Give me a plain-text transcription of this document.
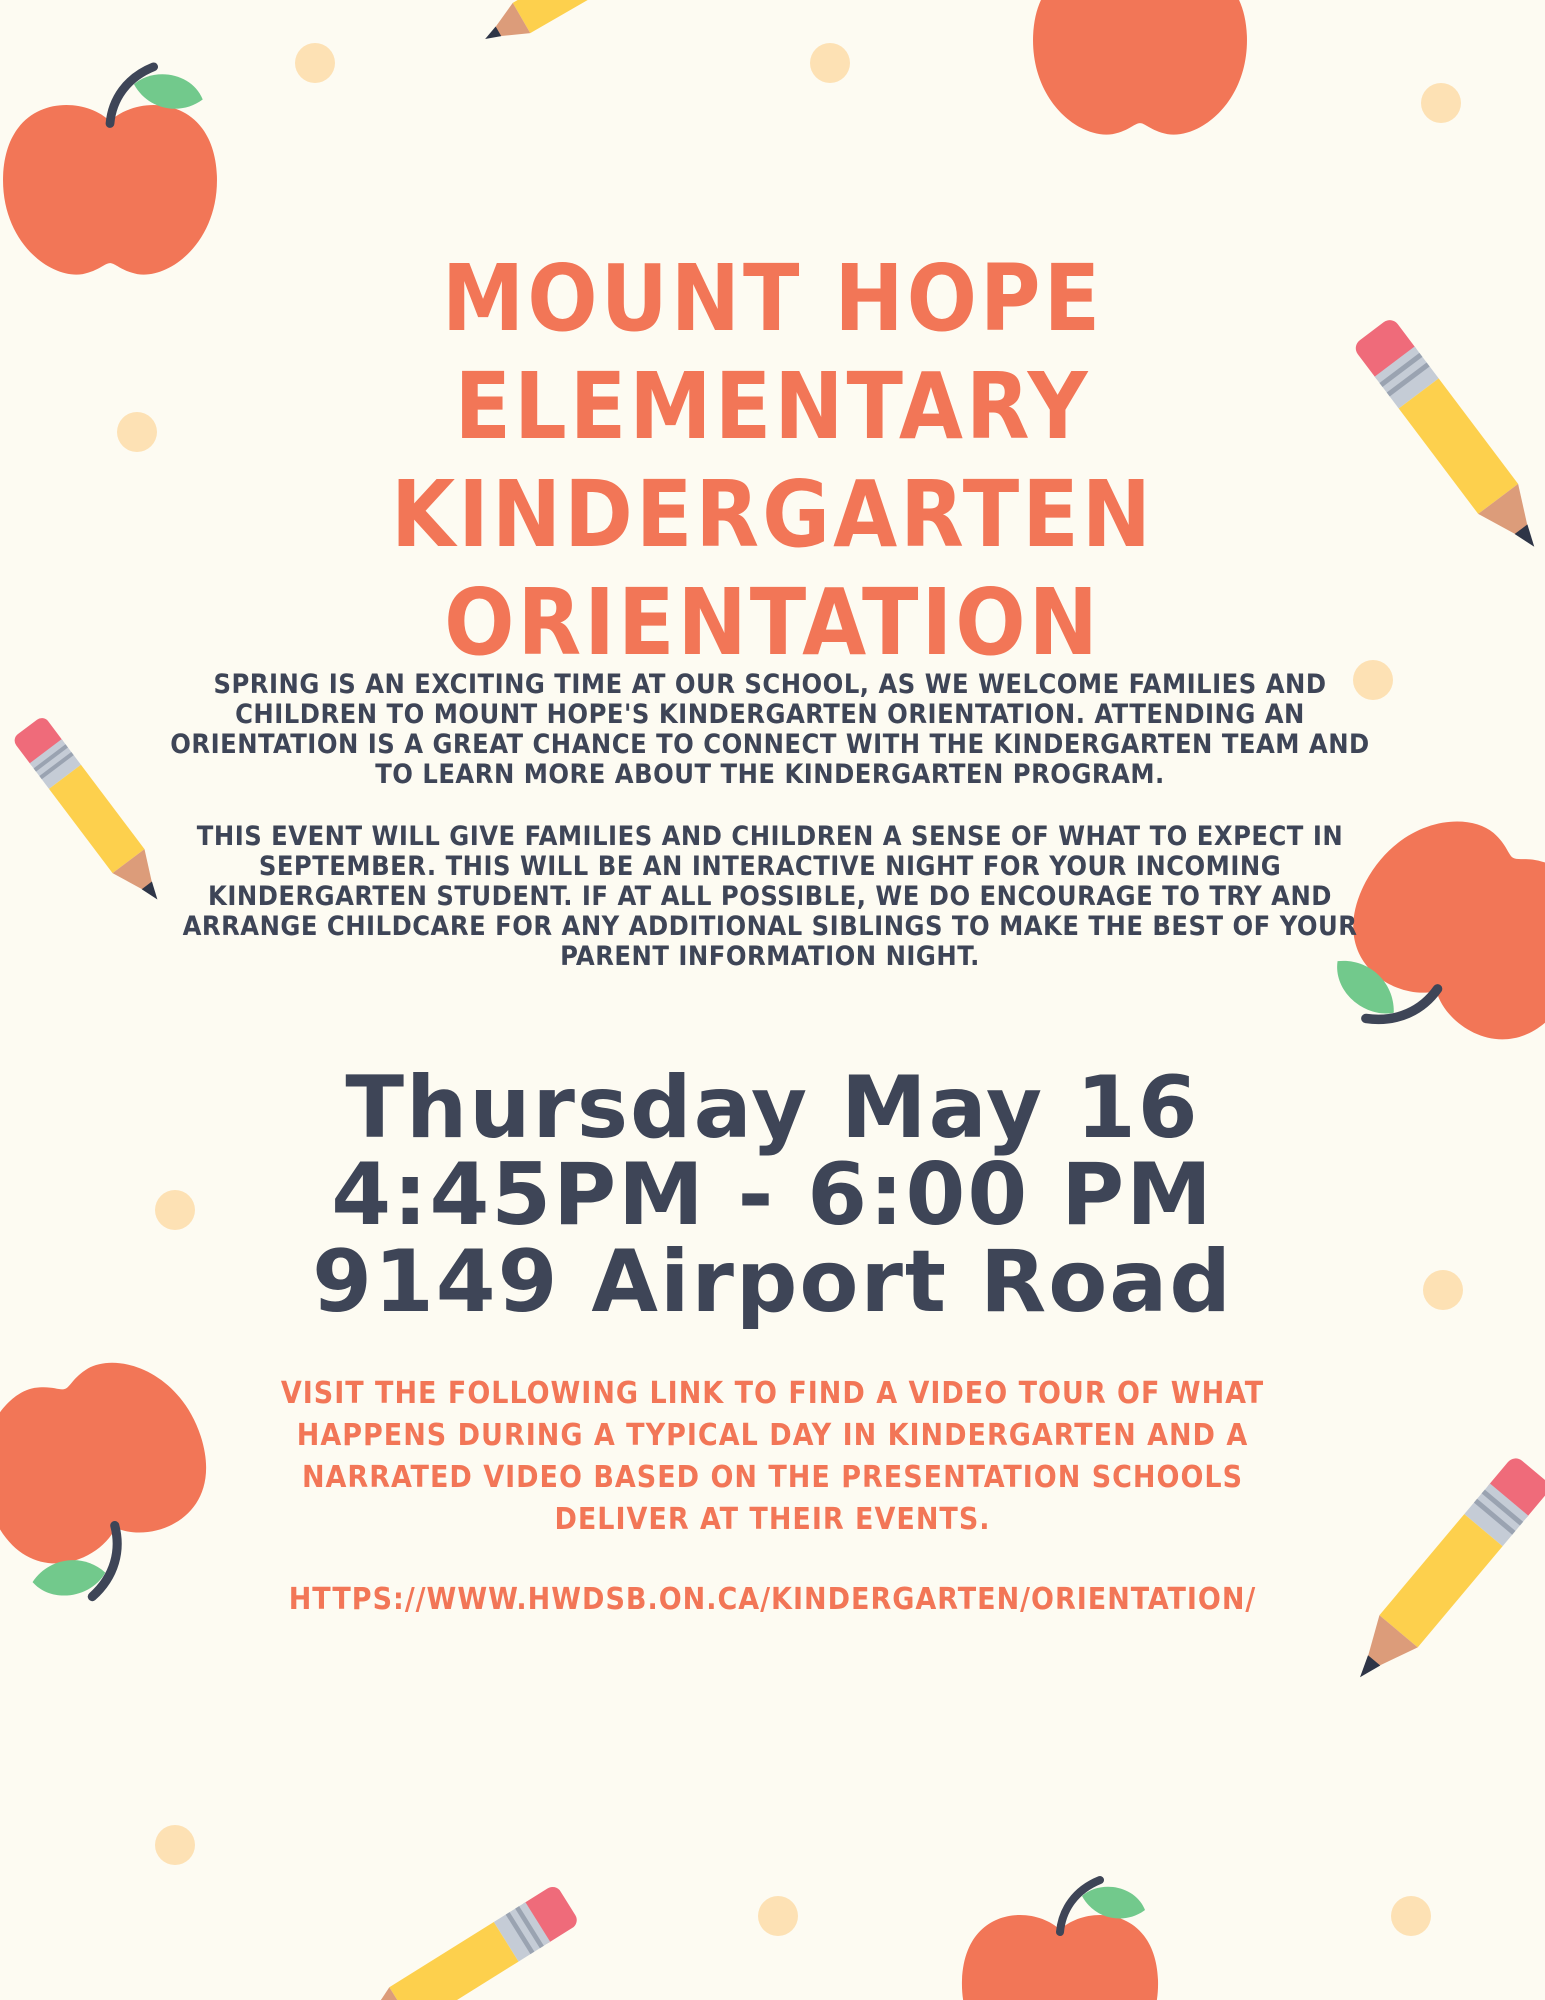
MOUNT HOPE ELEMENTARY KINDERGARTEN ORIENTATION

SPRING IS AN EXCITING TIME AT OUR SCHOOL, AS WE WELCOME FAMILIES AND CHILDREN TO MOUNT HOPE'S KINDERGARTEN ORIENTATION. ATTENDING AN ORIENTATION IS A GREAT CHANCE TO CONNECT WITH THE KINDERGARTEN TEAM AND TO LEARN MORE ABOUT THE KINDERGARTEN PROGRAM.

THIS EVENT WILL GIVE FAMILIES AND CHILDREN A SENSE OF WHAT TO EXPECT IN SEPTEMBER. THIS WILL BE AN INTERACTIVE NIGHT FOR YOUR INCOMING KINDERGARTEN STUDENT. IF AT ALL POSSIBLE, WE DO ENCOURAGE TO TRY AND ARRANGE CHILDCARE FOR ANY ADDITIONAL SIBLINGS TO MAKE THE BEST OF YOUR PARENT INFORMATION NIGHT.

Thursday May 16
4:45PM - 6:00 PM
9149 Airport Road
VISIT THE FOLLOWING LINK TO FIND A VIDEO TOUR OF WHAT HAPPENS DURING A TYPICAL DAY IN KINDERGARTEN AND A NARRATED VIDEO BASED ON THE PRESENTATION SCHOOLS DELIVER AT THEIR EVENTS.
HTTPS://WWW.HWDSB.ON.CA/KINDERGARTEN/ORIENTATION/
